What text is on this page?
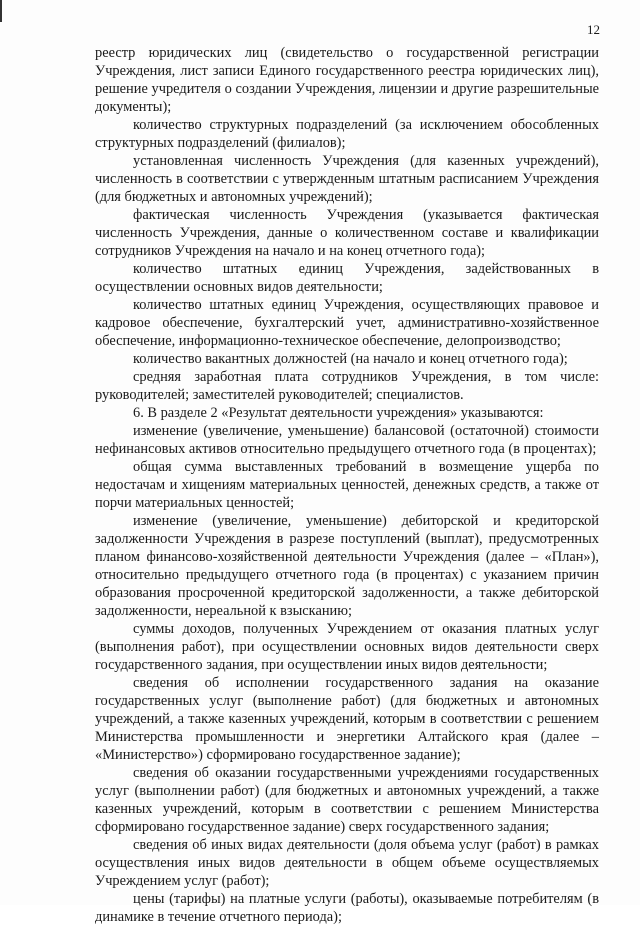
12

реестр юридических лиц (свидетельство о государственной регистрации Учреждения, лист записи Единого государственного реестра юридических лиц), решение учредителя о создании Учреждения, лицензии и другие разрешительные документы);

количество структурных подразделений (за исключением обособленных структурных подразделений (филиалов);

установленная численность Учреждения (для казенных учреждений), численность в соответствии с утвержденным штатным расписанием Учреждения (для бюджетных и автономных учреждений);

фактическая численность Учреждения (указывается фактическая численность Учреждения, данные о количественном составе и квалификации сотрудников Учреждения на начало и на конец отчетного года);

количество штатных единиц Учреждения, задействованных в осуществлении основных видов деятельности;

количество штатных единиц Учреждения, осуществляющих правовое и кадровое обеспечение, бухгалтерский учет, административно-хозяйственное обеспечение, информационно-техническое обеспечение, делопроизводство;

количество вакантных должностей (на начало и конец отчетного года);

средняя заработная плата сотрудников Учреждения, в том числе: руководителей; заместителей руководителей; специалистов.

6. В разделе 2 «Результат деятельности учреждения» указываются:

изменение (увеличение, уменьшение) балансовой (остаточной) стоимости нефинансовых активов относительно предыдущего отчетного года (в процентах);

общая сумма выставленных требований в возмещение ущерба по недостачам и хищениям материальных ценностей, денежных средств, а также от порчи материальных ценностей;

изменение (увеличение, уменьшение) дебиторской и кредиторской задолженности Учреждения в разрезе поступлений (выплат), предусмотренных планом финансово-хозяйственной деятельности Учреждения (далее – «План»), относительно предыдущего отчетного года (в процентах) с указанием причин образования просроченной кредиторской задолженности, а также дебиторской задолженности, нереальной к взысканию;

суммы доходов, полученных Учреждением от оказания платных услуг (выполнения работ), при осуществлении основных видов деятельности сверх государственного задания, при осуществлении иных видов деятельности;

сведения об исполнении государственного задания на оказание государственных услуг (выполнение работ) (для бюджетных и автономных учреждений, а также казенных учреждений, которым в соответствии с решением Министерства промышленности и энергетики Алтайского края (далее – «Министерство») сформировано государственное задание);

сведения об оказании государственными учреждениями государственных услуг (выполнении работ) (для бюджетных и автономных учреждений, а также казенных учреждений, которым в соответствии с решением Министерства сформировано государственное задание) сверх государственного задания;

сведения об иных видах деятельности (доля объема услуг (работ) в рамках осуществления иных видов деятельности в общем объеме осуществляемых Учреждением услуг (работ);

цены (тарифы) на платные услуги (работы), оказываемые потребителям (в динамике в течение отчетного периода);
